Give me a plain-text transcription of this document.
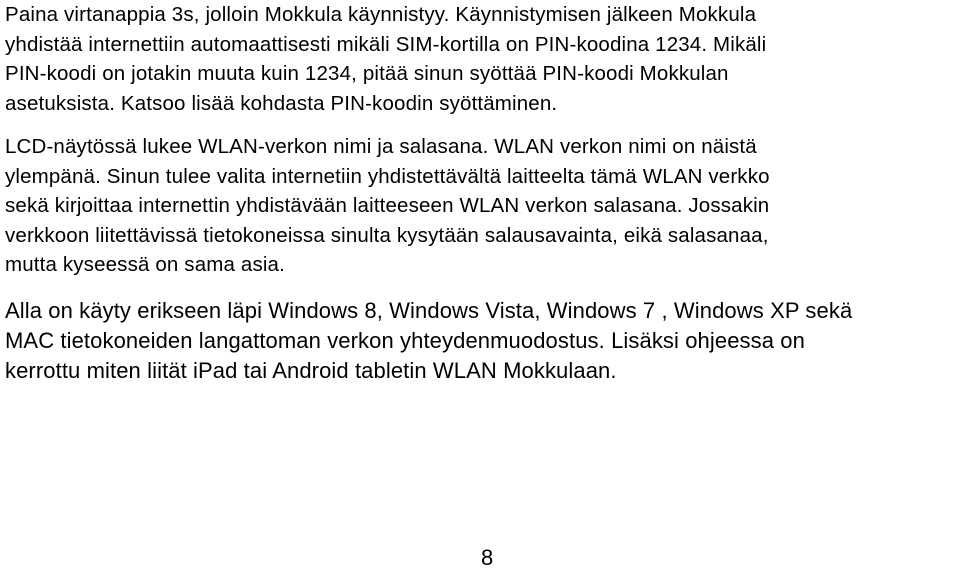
Paina virtanappia 3s, jolloin Mokkula käynnistyy. Käynnistymisen jälkeen Mokkula
yhdistää internettiin automaattisesti mikäli SIM-kortilla on PIN-koodina 1234. Mikäli
PIN-koodi on jotakin muuta kuin 1234, pitää sinun syöttää PIN-koodi Mokkulan
asetuksista. Katsoo lisää kohdasta PIN-koodin syöttäminen.

LCD-näytössä lukee WLAN-verkon nimi ja salasana. WLAN verkon nimi on näistä
ylempänä. Sinun tulee valita internetiin yhdistettävältä laitteelta tämä WLAN verkko
sekä kirjoittaa internettin yhdistävään laitteeseen WLAN verkon salasana. Jossakin
verkkoon liitettävissä tietokoneissa sinulta kysytään salausavainta, eikä salasanaa,
mutta kyseessä on sama asia.

Alla on käyty erikseen läpi Windows 8, Windows Vista, Windows 7 , Windows XP sekä
MAC tietokoneiden langattoman verkon yhteydenmuodostus. Lisäksi ohjeessa on
kerrottu miten liität iPad tai Android tabletin WLAN Mokkulaan.

8
